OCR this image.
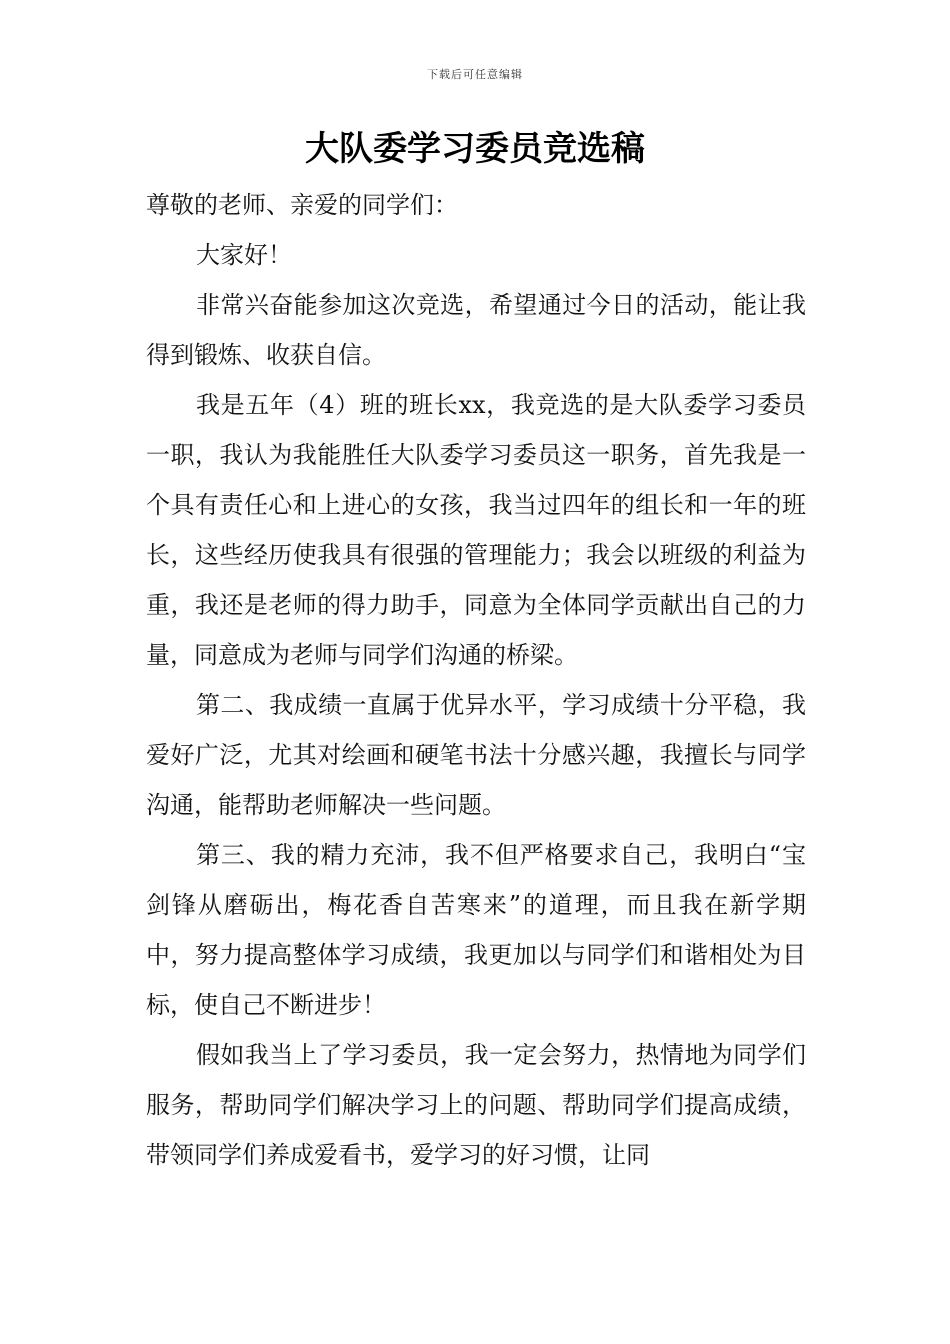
下载后可任意编辑
大队委学习委员竞选稿

尊敬的老师、亲爱的同学们：

大家好！

非常兴奋能参加这次竞选，希望通过今日的活动，能让我得到锻炼、收获自信。

我是五年（4）班的班长xx，我竞选的是大队委学习委员一职，我认为我能胜任大队委学习委员这一职务，首先我是一个具有责任心和上进心的女孩，我当过四年的组长和一年的班长，这些经历使我具有很强的管理能力；我会以班级的利益为重，我还是老师的得力助手，同意为全体同学贡献出自己的力量，同意成为老师与同学们沟通的桥梁。

第二、我成绩一直属于优异水平，学习成绩十分平稳，我爱好广泛，尤其对绘画和硬笔书法十分感兴趣，我擅长与同学沟通，能帮助老师解决一些问题。

第三、我的精力充沛，我不但严格要求自己，我明白“宝剑锋从磨砺出，梅花香自苦寒来”的道理，而且我在新学期中，努力提高整体学习成绩，我更加以与同学们和谐相处为目标，使自己不断进步！

假如我当上了学习委员，我一定会努力，热情地为同学们服务，帮助同学们解决学习上的问题、帮助同学们提高成绩，带领同学们养成爱看书，爱学习的好习惯，让同
